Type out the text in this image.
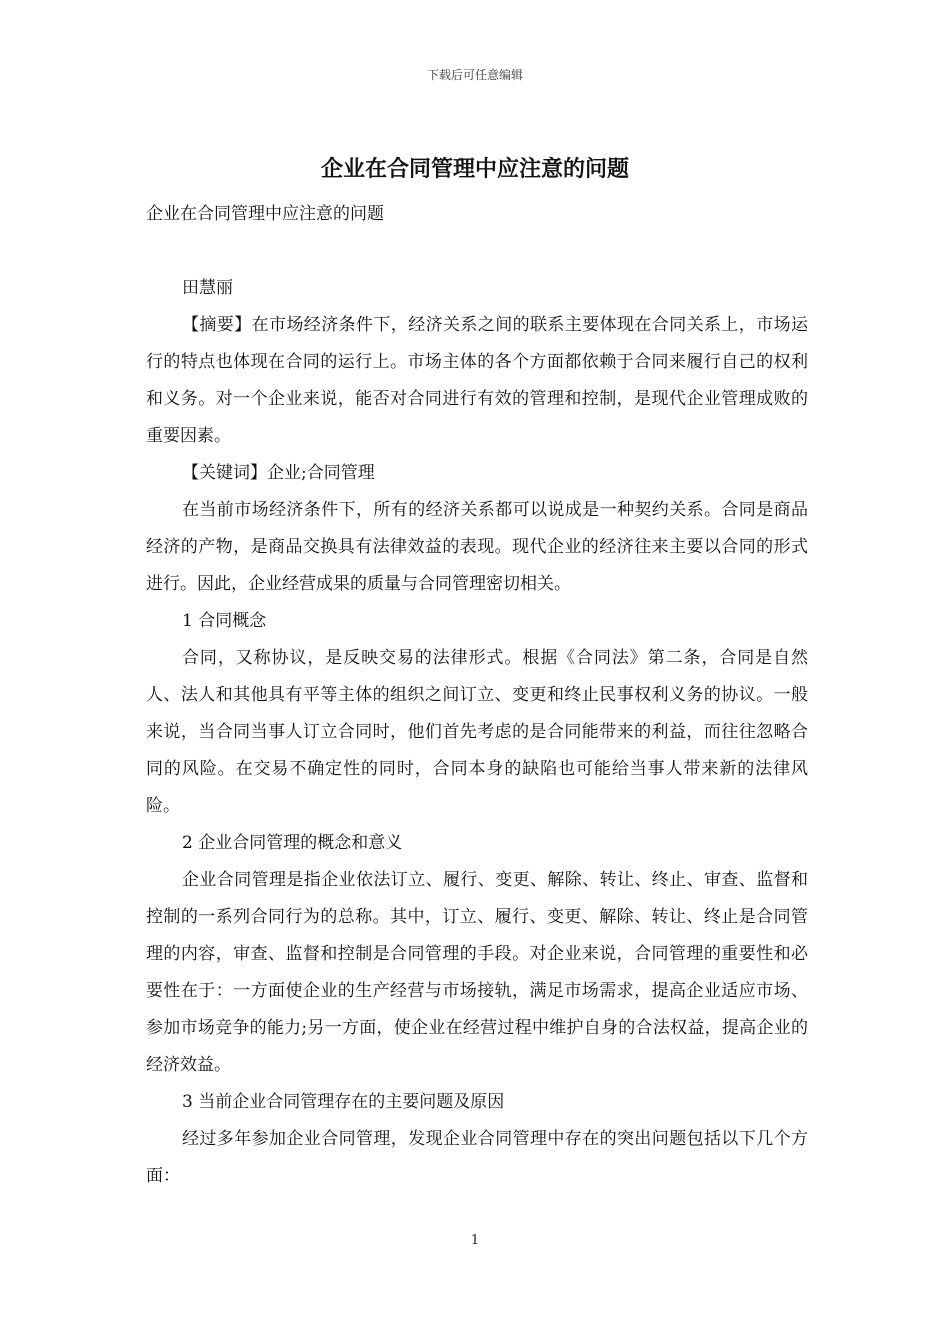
下载后可任意编辑
企业在合同管理中应注意的问题

企业在合同管理中应注意的问题

田慧丽

【摘要】在市场经济条件下，经济关系之间的联系主要体现在合同关系上，市场运行的特点也体现在合同的运行上。市场主体的各个方面都依赖于合同来履行自己的权利和义务。对一个企业来说，能否对合同进行有效的管理和控制，是现代企业管理成败的重要因素。

【关键词】企业;合同管理

在当前市场经济条件下，所有的经济关系都可以说成是一种契约关系。合同是商品经济的产物，是商品交换具有法律效益的表现。现代企业的经济往来主要以合同的形式进行。因此，企业经营成果的质量与合同管理密切相关。

1 合同概念

合同，又称协议，是反映交易的法律形式。根据《合同法》第二条，合同是自然人、法人和其他具有平等主体的组织之间订立、变更和终止民事权利义务的协议。一般来说，当合同当事人订立合同时，他们首先考虑的是合同能带来的利益，而往往忽略合同的风险。在交易不确定性的同时，合同本身的缺陷也可能给当事人带来新的法律风险。

2 企业合同管理的概念和意义

企业合同管理是指企业依法订立、履行、变更、解除、转让、终止、审查、监督和控制的一系列合同行为的总称。其中，订立、履行、变更、解除、转让、终止是合同管理的内容，审查、监督和控制是合同管理的手段。对企业来说，合同管理的重要性和必要性在于：一方面使企业的生产经营与市场接轨，满足市场需求，提高企业适应市场、参加市场竞争的能力;另一方面，使企业在经营过程中维护自身的合法权益，提高企业的经济效益。

3 当前企业合同管理存在的主要问题及原因

经过多年参加企业合同管理，发现企业合同管理中存在的突出问题包括以下几个方面：

1
